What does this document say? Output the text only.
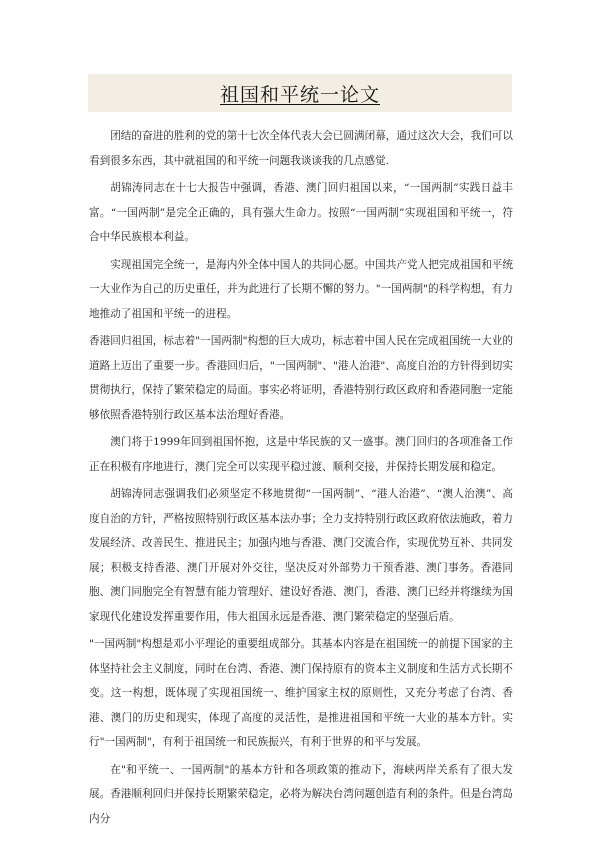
祖国和平统一论文

团结的奋进的胜利的党的第十七次全体代表大会已圆满闭幕，通过这次大会，我们可以看到很多东西，其中就祖国的和平统一问题我谈谈我的几点感觉.

胡锦涛同志在十七大报告中强调，香港、澳门回归祖国以来，“一国两制”实践日益丰富。“一国两制”是完全正确的，具有强大生命力。按照“一国两制”实现祖国和平统一，符合中华民族根本利益。

实现祖国完全统一，是海内外全体中国人的共同心愿。中国共产党人把完成祖国和平统一大业作为自己的历史重任，并为此进行了长期不懈的努力。"一国两制"的科学构想，有力地推动了祖国和平统一的进程。

香港回归祖国，标志着"一国两制"构想的巨大成功，标志着中国人民在完成祖国统一大业的道路上迈出了重要一步。香港回归后，"一国两制"、"港人治港"、高度自治的方针得到切实贯彻执行，保持了繁荣稳定的局面。事实必将证明，香港特别行政区政府和香港同胞一定能够依照香港特别行政区基本法治理好香港。

澳门将于1999年回到祖国怀抱，这是中华民族的又一盛事。澳门回归的各项准备工作正在积极有序地进行，澳门完全可以实现平稳过渡、顺利交接，并保持长期发展和稳定。

胡锦涛同志强调我们必须坚定不移地贯彻“一国两制”、“港人治港”、“澳人治澳”、高度自治的方针，严格按照特别行政区基本法办事；全力支持特别行政区政府依法施政，着力发展经济、改善民生、推进民主；加强内地与香港、澳门交流合作，实现优势互补、共同发展；积极支持香港、澳门开展对外交往，坚决反对外部势力干预香港、澳门事务。香港同胞、澳门同胞完全有智慧有能力管理好、建设好香港、澳门，香港、澳门已经并将继续为国家现代化建设发挥重要作用，伟大祖国永远是香港、澳门繁荣稳定的坚强后盾。

"一国两制"构想是邓小平理论的重要组成部分。其基本内容是在祖国统一的前提下国家的主体坚持社会主义制度，同时在台湾、香港、澳门保持原有的资本主义制度和生活方式长期不变。这一构想，既体现了实现祖国统一、维护国家主权的原则性，又充分考虑了台湾、香港、澳门的历史和现实，体现了高度的灵活性，是推进祖国和平统一大业的基本方针。实行"一国两制"，有利于祖国统一和民族振兴，有利于世界的和平与发展。

在"和平统一、一国两制"的基本方针和各项政策的推动下，海峡两岸关系有了很大发展。香港顺利回归并保持长期繁荣稳定，必将为解决台湾问题创造有利的条件。但是台湾岛内分
